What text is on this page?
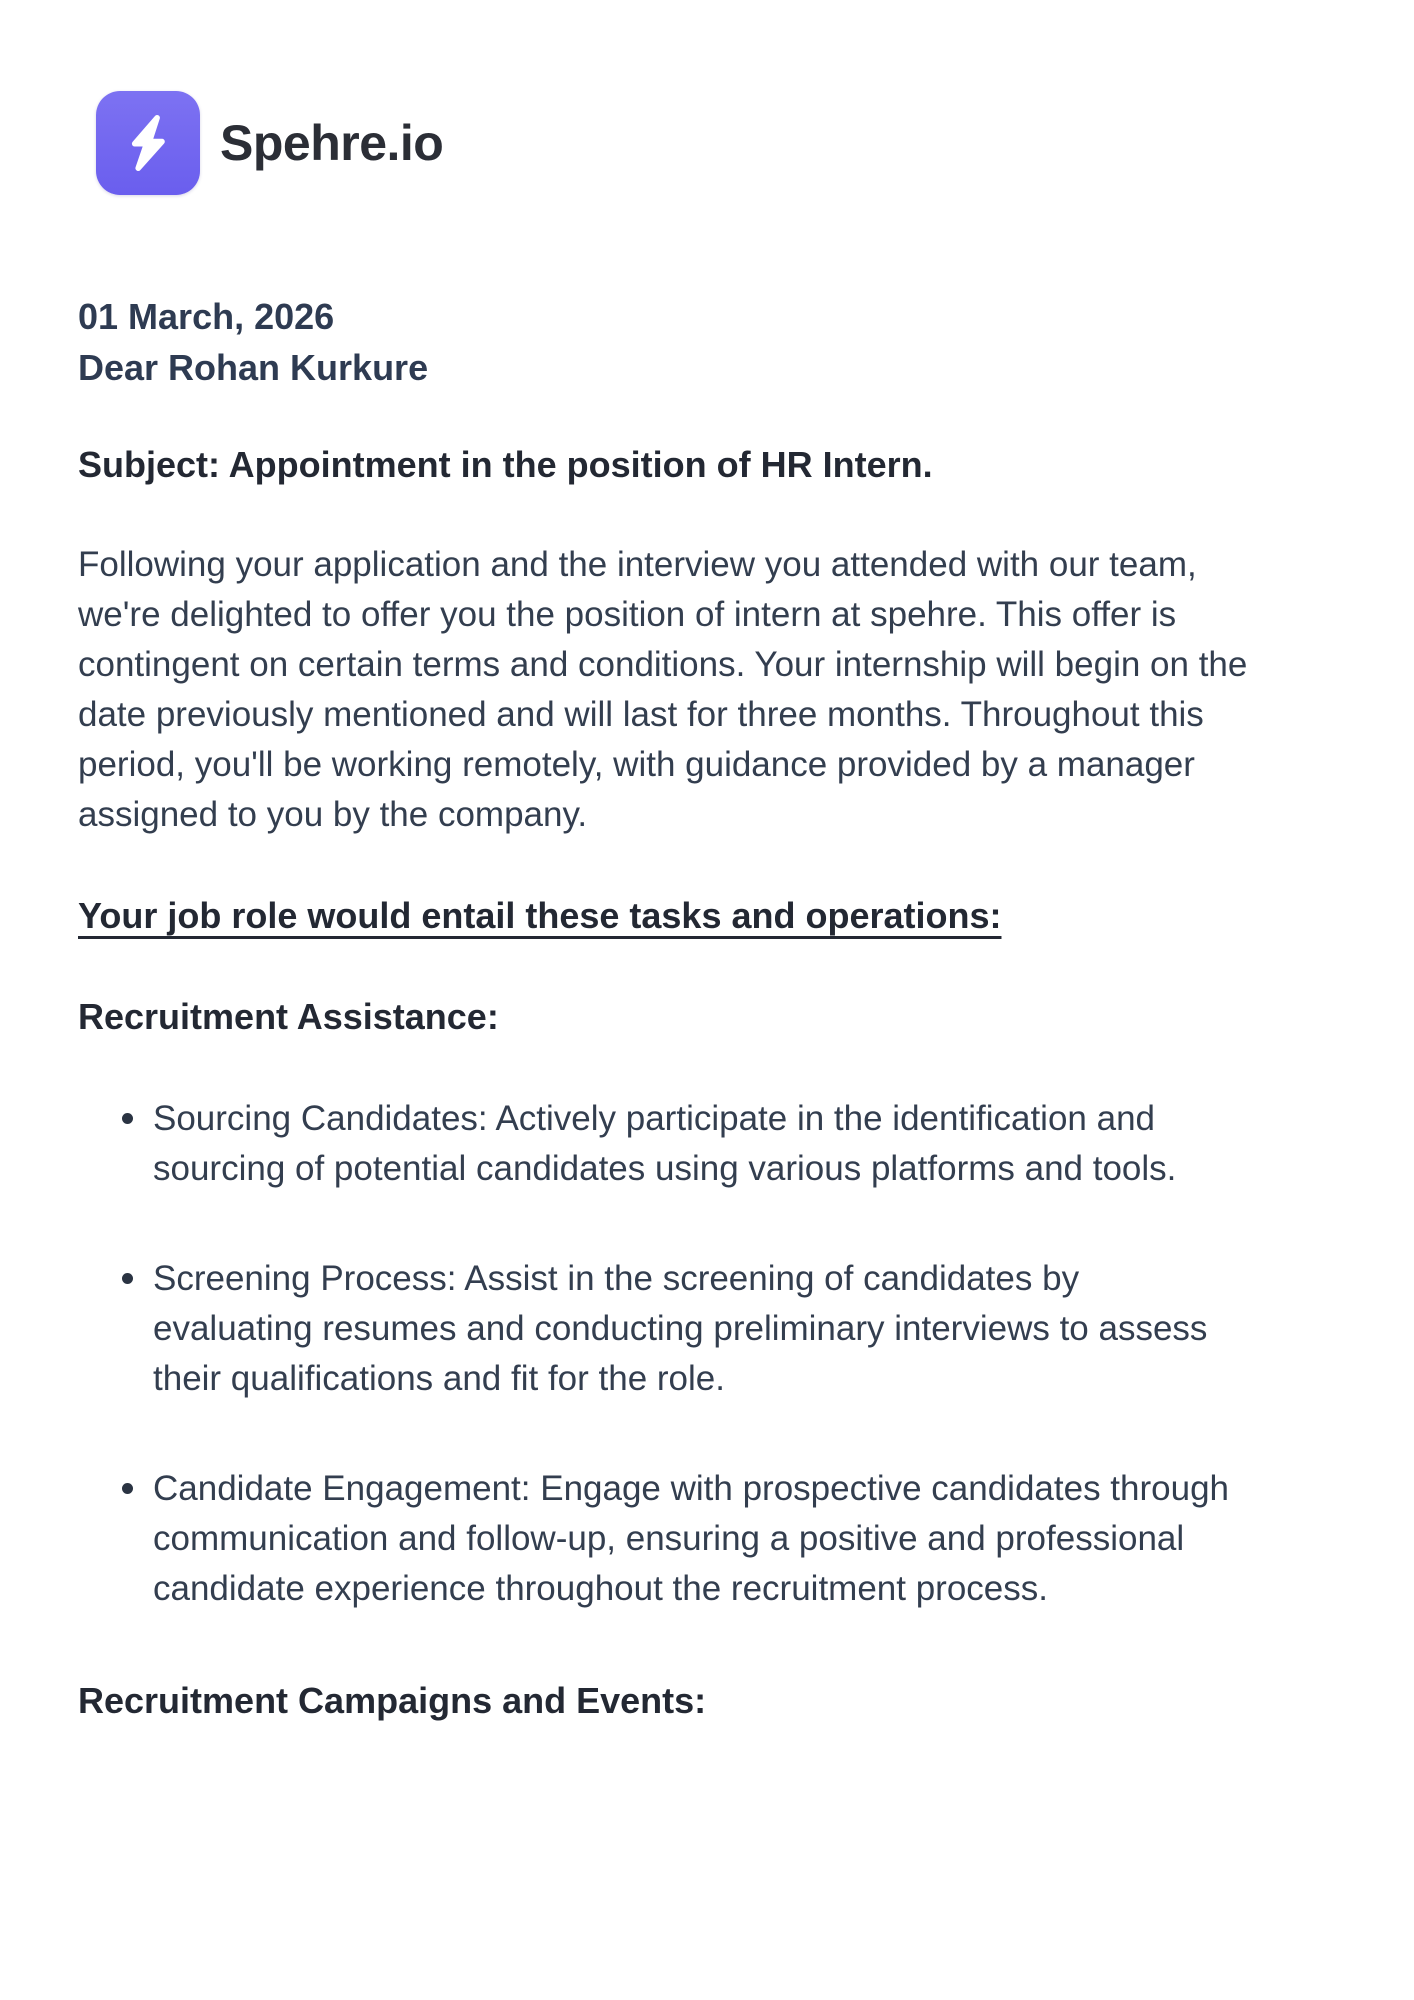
Spehre.io

01 March, 2026

Dear Rohan Kurkure

Subject: Appointment in the position of HR Intern.

Following your application and the interview you attended with our team, we're delighted to offer you the position of intern at spehre. This offer is contingent on certain terms and conditions. Your internship will begin on the date previously mentioned and will last for three months. Throughout this period, you'll be working remotely, with guidance provided by a manager assigned to you by the company.

Your job role would entail these tasks and operations:
Recruitment Assistance:
Sourcing Candidates: Actively participate in the identification and sourcing of potential candidates using various platforms and tools.
Screening Process: Assist in the screening of candidates by evaluating resumes and conducting preliminary interviews to assess their qualifications and fit for the role.
Candidate Engagement: Engage with prospective candidates through communication and follow-up, ensuring a positive and professional candidate experience throughout the recruitment process.
Recruitment Campaigns and Events:
